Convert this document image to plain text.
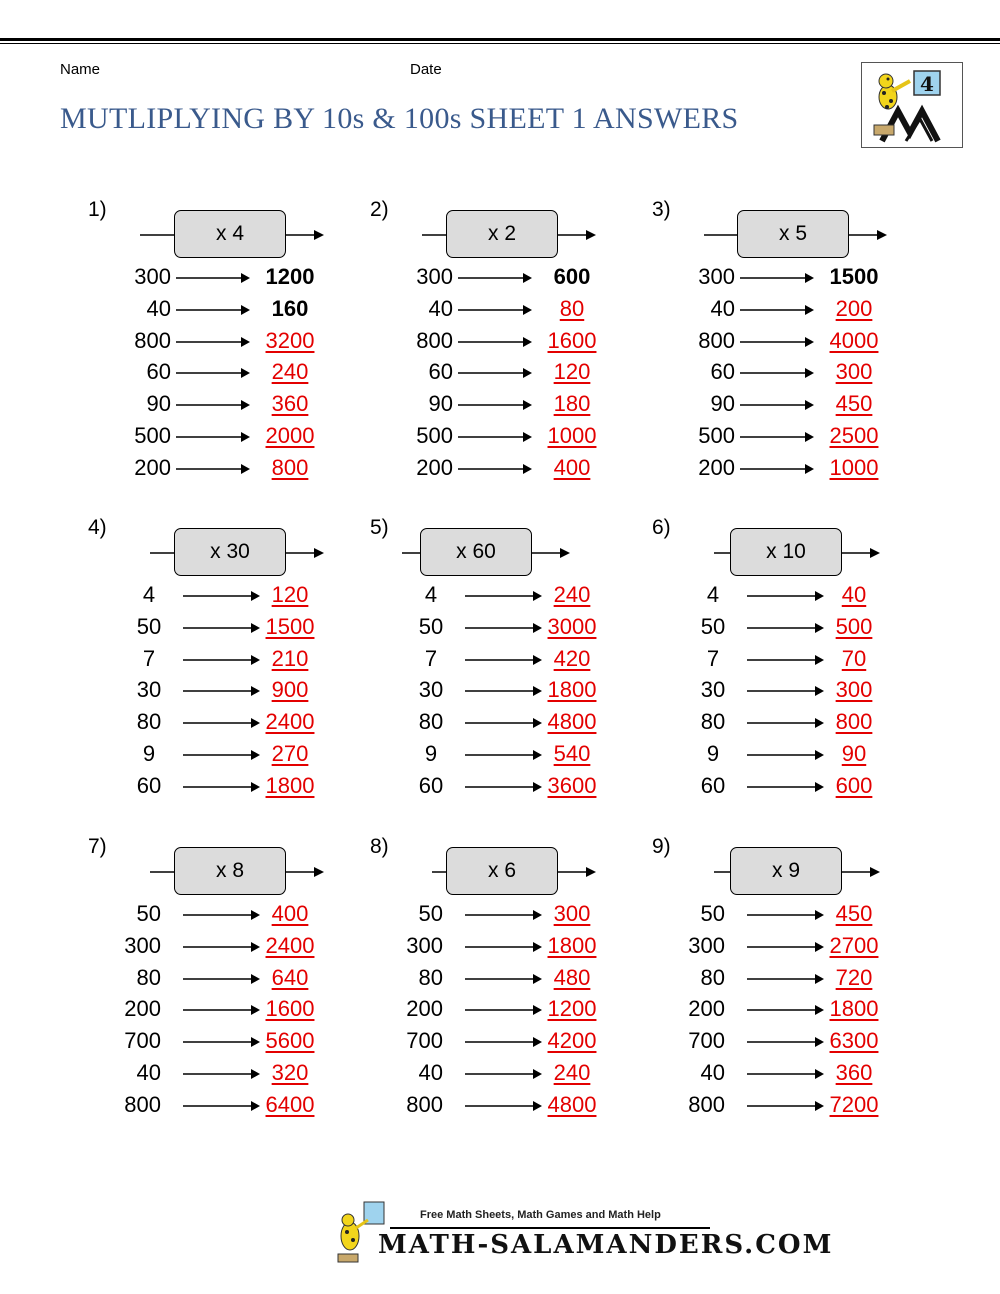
Name	Date
MUTLIPLYING BY 10s & 100s SHEET 1 ANSWERS
4
1)
x 4
300	1200
40	160
800	3200
60	240
90	360
500	2000
200	800
2)
x 2
300	600
40	80
800	1600
60	120
90	180
500	1000
200	400
3)
x 5
300	1500
40	200
800	4000
60	300
90	450
500	2500
200	1000
4)
x 30
4	120
50	1500
7	210
30	900
80	2400
9	270
60	1800
5)
x 60
4	240
50	3000
7	420
30	1800
80	4800
9	540
60	3600
6)
x 10
4	40
50	500
7	70
30	300
80	800
9	90
60	600
7)
x 8
50	400
300	2400
80	640
200	1600
700	5600
40	320
800	6400
8)
x 6
50	300
300	1800
80	480
200	1200
700	4200
40	240
800	4800
9)
x 9
50	450
300	2700
80	720
200	1800
700	6300
40	360
800	7200
Free Math Sheets, Math Games and Math Help
MATH-SALAMANDERS.COM
